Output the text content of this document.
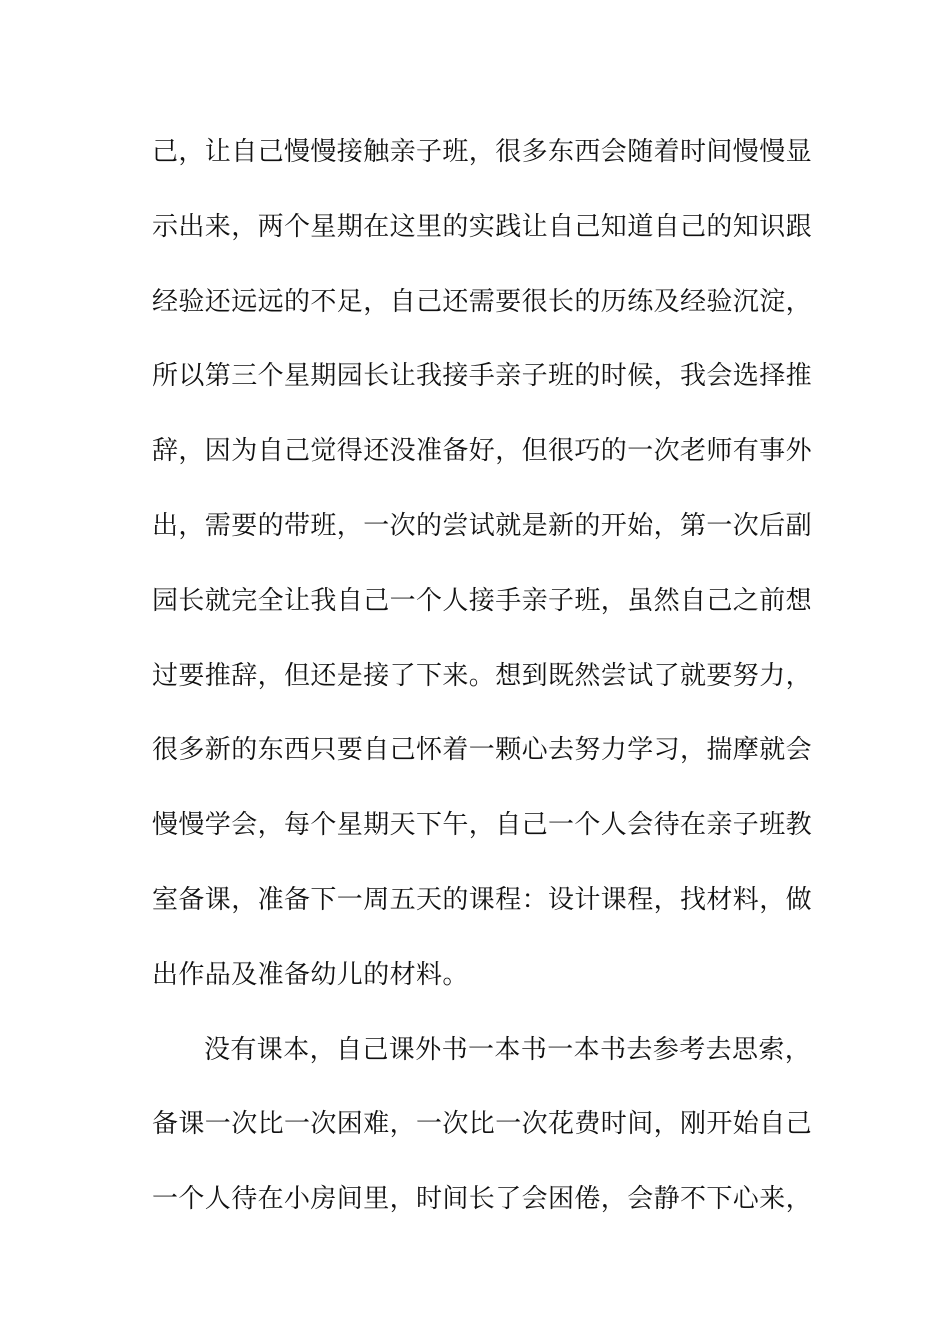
己，让自己慢慢接触亲子班，很多东西会随着时间慢慢显
示出来，两个星期在这里的实践让自己知道自己的知识跟
经验还远远的不足，自己还需要很长的历练及经验沉淀，
所以第三个星期园长让我接手亲子班的时候，我会选择推
辞，因为自己觉得还没准备好，但很巧的一次老师有事外
出，需要的带班，一次的尝试就是新的开始，第一次后副
园长就完全让我自己一个人接手亲子班，虽然自己之前想
过要推辞，但还是接了下来。想到既然尝试了就要努力，
很多新的东西只要自己怀着一颗心去努力学习，揣摩就会
慢慢学会，每个星期天下午，自己一个人会待在亲子班教
室备课，准备下一周五天的课程：设计课程，找材料，做
出作品及准备幼儿的材料。
没有课本，自己课外书一本书一本书去参考去思索，
备课一次比一次困难，一次比一次花费时间，刚开始自己
一个人待在小房间里，时间长了会困倦，会静不下心来，
